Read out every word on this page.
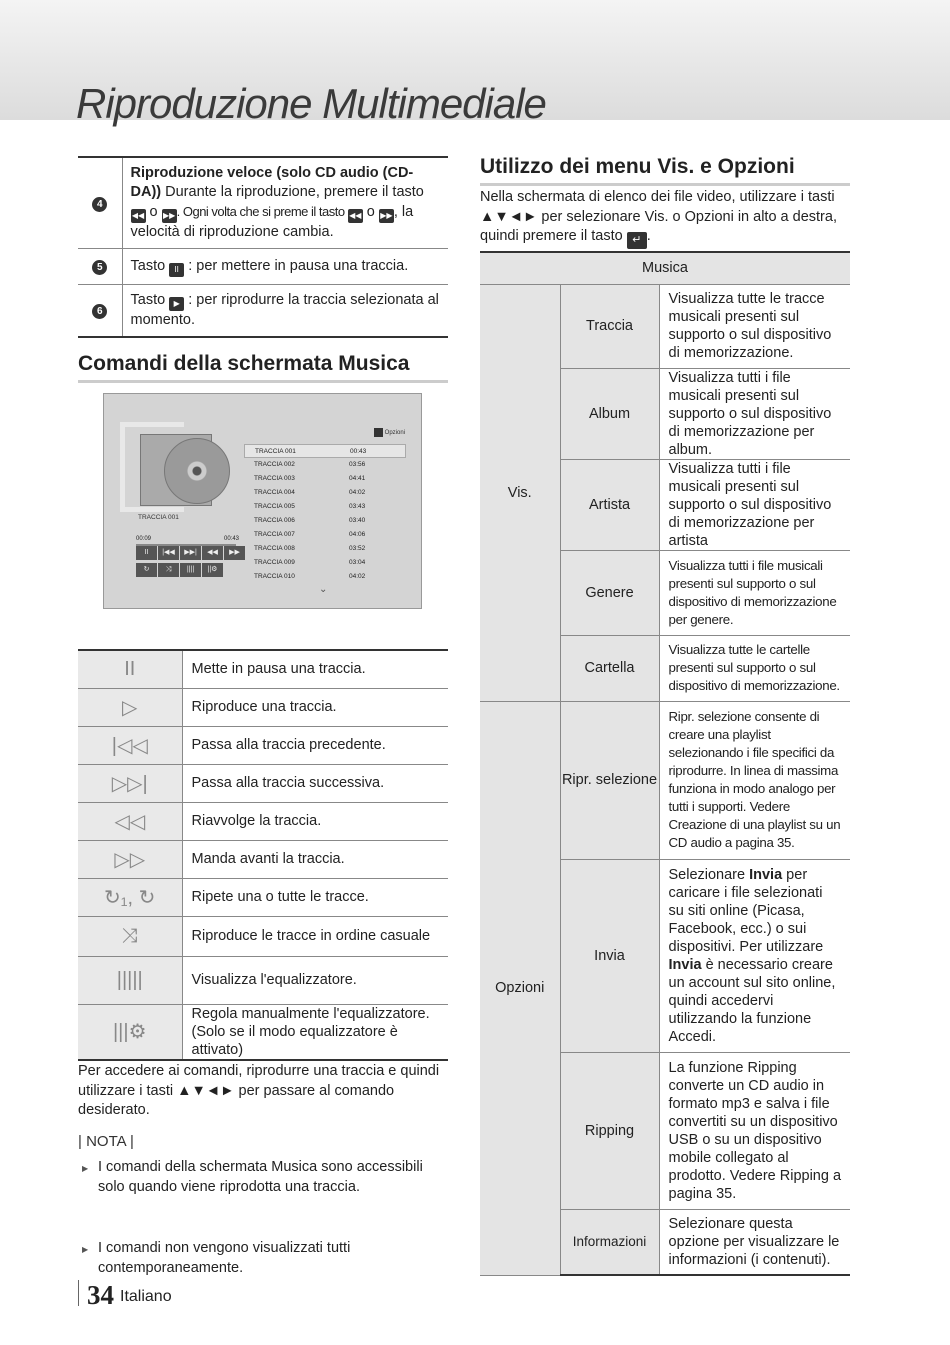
Riproduzione Multimediale
4	Riproduzione veloce (solo CD audio (CD-DA)) Durante la riproduzione, premere il tasto ◀◀ o ▶▶. Ogni volta che si preme il tasto ◀◀ o ▶▶, la velocità di riproduzione cambia.
5	Tasto II : per mettere in pausa una traccia.
6	Tasto ▶ : per riprodurre la traccia selezionata al momento.
Comandi della schermata Musica
TRACCIA 001
00:09	00:43
II	|◀◀	▶▶|	◀◀	▶▶
↻	⤨	||||	||⚙
Opzioni
TRACCIA 001	00:43
TRACCIA 002	03:56
TRACCIA 003	04:41
TRACCIA 004	04:02
TRACCIA 005	03:43
TRACCIA 006	03:40
TRACCIA 007	04:06
TRACCIA 008	03:52
TRACCIA 009	03:04
TRACCIA 010	04:02
⌄
II	Mette in pausa una traccia.
▷	Riproduce una traccia.
|◁◁	Passa alla traccia precedente.
▷▷|	Passa alla traccia successiva.
◁◁	Riavvolge la traccia.
▷▷	Manda avanti la traccia.
↻₁, ↻	Ripete una o tutte le tracce.
⤨	Riproduce le tracce in ordine casuale
|||||	Visualizza l'equalizzatore.
|||⚙	Regola manualmente l'equalizzatore.
(Solo se il modo equalizzatore è attivato)

Per accedere ai comandi, riprodurre una traccia e quindi utilizzare i tasti ▲▼◄► per passare al comando desiderato.

| NOTA |
▶ I comandi della schermata Musica sono accessibili solo quando viene riprodotta una traccia.
▶ I comandi non vengono visualizzati tutti contemporaneamente.
Utilizzo dei menu Vis. e Opzioni

Nella schermata di elenco dei file video, utilizzare i tasti ▲▼◄► per selezionare Vis. o Opzioni in alto a destra, quindi premere il tasto ↵ .

Musica		
Vis.	Traccia	Visualizza tutte le tracce musicali presenti sul supporto o sul dispositivo di memorizzazione.
	Album	Visualizza tutti i file musicali presenti sul supporto o sul dispositivo di memorizzazione per album.
	Artista	Visualizza tutti i file musicali presenti sul supporto o sul dispositivo di memorizzazione per artista
	Genere	Visualizza tutti i file musicali presenti sul supporto o sul dispositivo di memorizzazione per genere.
	Cartella	Visualizza tutte le cartelle presenti sul supporto o sul dispositivo di memorizzazione.
Opzioni	Ripr. selezione	Ripr. selezione consente di creare una playlist selezionando i file specifici da riprodurre. In linea di massima funziona in modo analogo per tutti i supporti. Vedere Creazione di una playlist su un CD audio a pagina 35.
	Invia	Selezionare Invia per caricare i file selezionati su siti online (Picasa, Facebook, ecc.) o sui dispositivi. Per utilizzare Invia è necessario creare un account sul sito online, quindi accedervi utilizzando la funzione Accedi.
	Ripping	La funzione Ripping converte un CD audio in formato mp3 e salva i file convertiti su un dispositivo USB o su un dispositivo mobile collegato al prodotto. Vedere Ripping a pagina 35.
	Informazioni	Selezionare questa opzione per visualizzare le informazioni (i contenuti).
34 Italiano
